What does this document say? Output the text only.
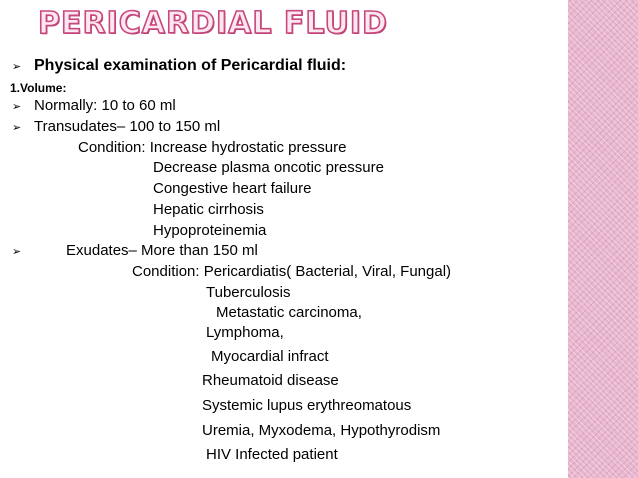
PERICARDIAL FLUID
➢ Physical examination of Pericardial fluid:
1.Volume:
➢ Normally: 10 to 60 ml
➢ Transudates– 100 to 150 ml
Condition: Increase hydrostatic pressure
Decrease plasma oncotic pressure
Congestive heart failure
Hepatic cirrhosis
Hypoproteinemia
➢	Exudates– More than 150 ml
Condition: Pericardiatis( Bacterial, Viral, Fungal)
Tuberculosis
Metastatic carcinoma,
Lymphoma,
Myocardial infract
Rheumatoid disease
Systemic lupus erythreomatous
Uremia, Myxodema, Hypothyrodism
HIV Infected patient
